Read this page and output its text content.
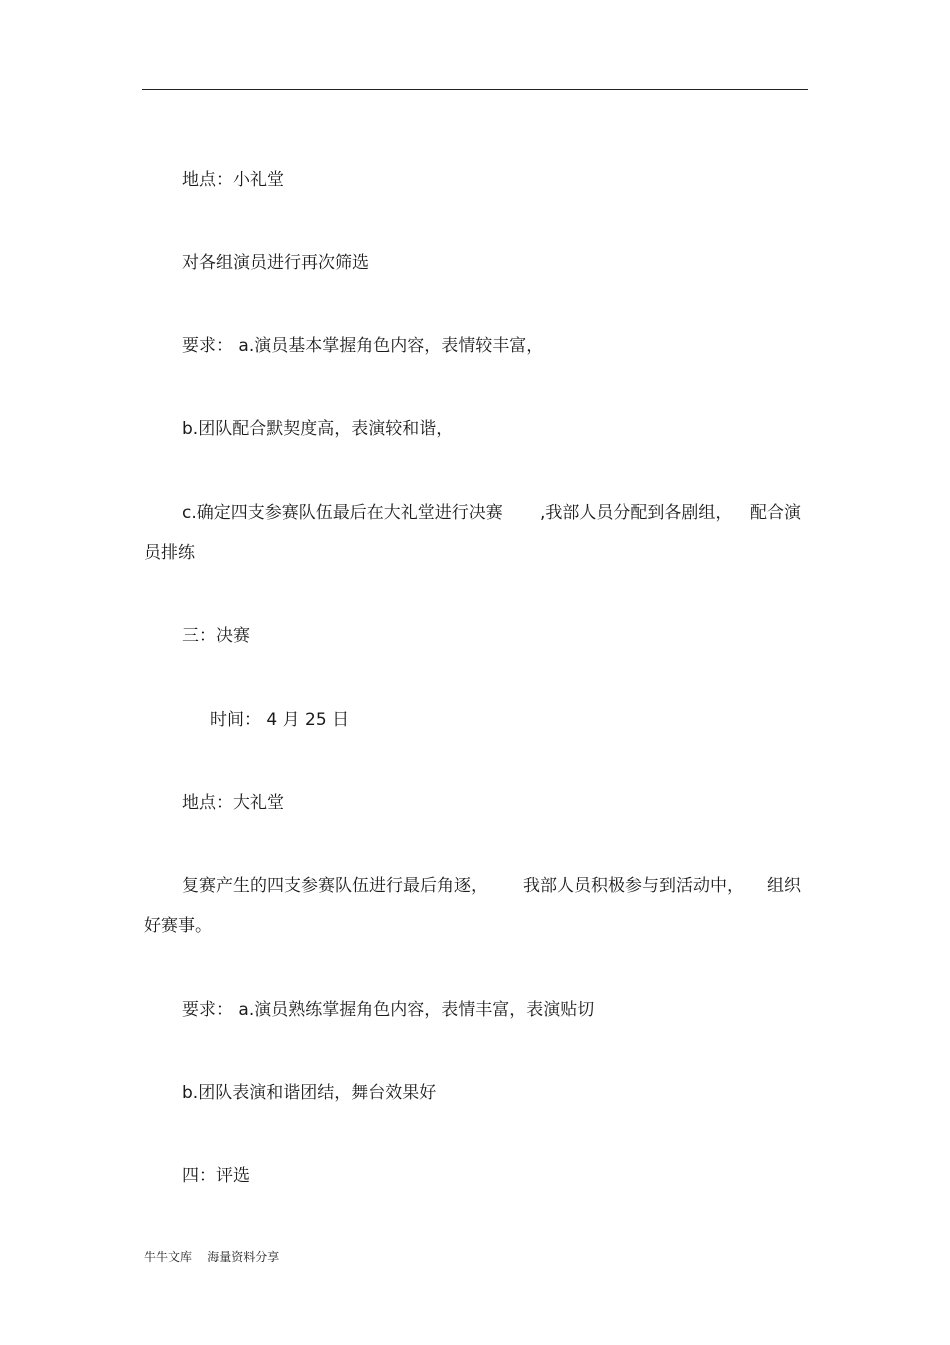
地点：小礼堂
对各组演员进行再次筛选
要求： a.演员基本掌握角色内容，表情较丰富，
b.团队配合默契度高，表演较和谐，
c.确定四支参赛队伍最后在大礼堂进行决赛 ,我部人员分配到各剧组， 配合演
员排练
三：决赛
时间： 4 月 25 日
地点：大礼堂
复赛产生的四支参赛队伍进行最后角逐， 我部人员积极参与到活动中， 组织
好赛事。
要求： a.演员熟练掌握角色内容，表情丰富，表演贴切
b.团队表演和谐团结，舞台效果好
四：评选
牛牛文库    海量资料分享
